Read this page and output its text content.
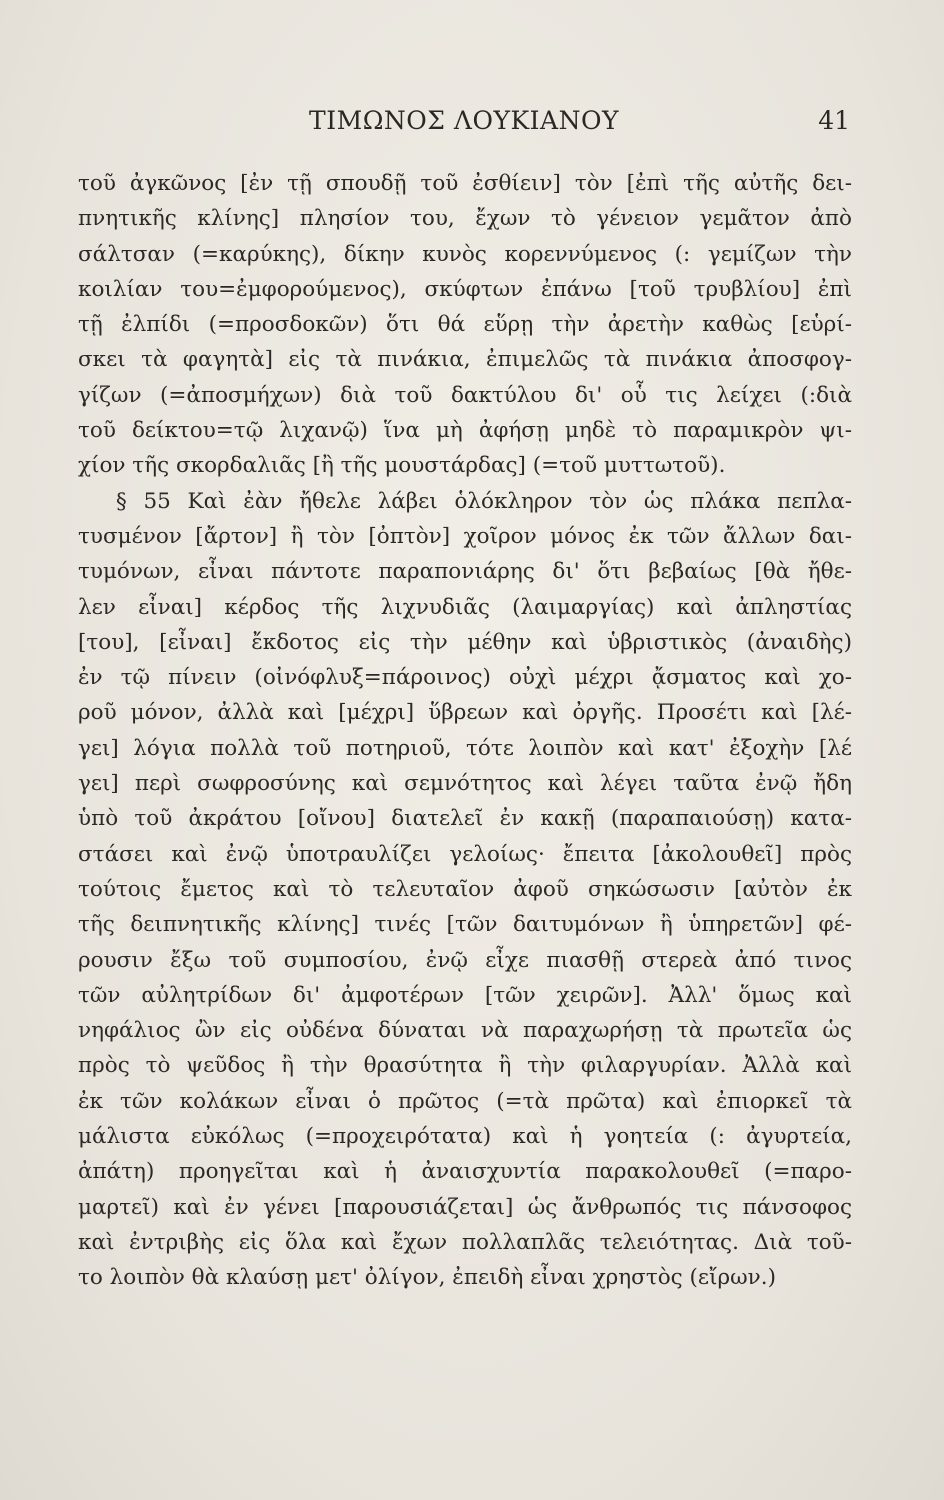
ΤΙΜΩΝΟΣ ΛΟΥΚΙΑΝΟΥ	41
τοῦ ἀγκῶνος [ἐν τῇ σπουδῇ τοῦ ἐσθίειν] τὸν [ἐπὶ τῆς αὐτῆς δει-
πνητικῆς κλίνης] πλησίον του, ἔχων τὸ γένειον γεμᾶτον ἀπὸ
σάλτσαν (=καρύκης), δίκην κυνὸς κορεννύμενος (: γεμίζων τὴν
κοιλίαν του=ἐμφορούμενος), σκύφτων ἐπάνω [τοῦ τρυβλίου] ἐπὶ
τῇ ἐλπίδι (=προσδοκῶν) ὅτι θά εὕρῃ τὴν ἀρετὴν καθὼς [εὑρί-
σκει τὰ φαγητὰ] εἰς τὰ πινάκια, ἐπιμελῶς τὰ πινάκια ἀποσφογ-
γίζων (=ἀποσμήχων) διὰ τοῦ δακτύλου δι' οὗ τις λείχει (:διὰ
τοῦ δείκτου=τῷ λιχανῷ) ἵνα μὴ ἀφήσῃ μηδὲ τὸ παραμικρὸν ψι-
χίον τῆς σκορδαλιᾶς [ἢ τῆς μουστάρδας] (=τοῦ μυττωτοῦ).
§ 55 Καὶ ἐὰν ἤθελε λάβει ὁλόκληρον τὸν ὡς πλάκα πεπλα-
τυσμένον [ἄρτον] ἢ τὸν [ὀπτὸν] χοῖρον μόνος ἐκ τῶν ἄλλων δαι-
τυμόνων, εἶναι πάντοτε παραπονιάρης δι' ὅτι βεβαίως [θὰ ἤθε-
λεν εἶναι] κέρδος τῆς λιχνυδιᾶς (λαιμαργίας) καὶ ἀπληστίας
[του], [εἶναι] ἔκδοτος εἰς τὴν μέθην καὶ ὑβριστικὸς (ἀναιδὴς)
ἐν τῷ πίνειν (οἰνόφλυξ=πάροινος) οὐχὶ μέχρι ᾄσματος καὶ χο-
ροῦ μόνον, ἀλλὰ καὶ [μέχρι] ὕβρεων καὶ ὀργῆς. Προσέτι καὶ [λέ-
γει] λόγια πολλὰ τοῦ ποτηριοῦ, τότε λοιπὸν καὶ κατ' ἐξοχὴν [λέ
γει] περὶ σωφροσύνης καὶ σεμνότητος καὶ λέγει ταῦτα ἐνῷ ἤδη
ὑπὸ τοῦ ἀκράτου [οἴνου] διατελεῖ ἐν κακῇ (παραπαιούσῃ) κατα-
στάσει καὶ ἐνῷ ὑποτραυλίζει γελοίως· ἔπειτα [ἀκολουθεῖ] πρὸς
τούτοις ἔμετος καὶ τὸ τελευταῖον ἀφοῦ σηκώσωσιν [αὐτὸν ἐκ
τῆς δειπνητικῆς κλίνης] τινές [τῶν δαιτυμόνων ἢ ὑπηρετῶν] φέ-
ρουσιν ἔξω τοῦ συμποσίου, ἐνῷ εἶχε πιασθῇ στερεὰ ἀπό τινος
τῶν αὐλητρίδων δι' ἀμφοτέρων [τῶν χειρῶν]. Ἀλλ' ὅμως καὶ
νηφάλιος ὢν εἰς οὐδένα δύναται νὰ παραχωρήσῃ τὰ πρωτεῖα ὡς
πρὸς τὸ ψεῦδος ἢ τὴν θρασύτητα ἢ τὴν φιλαργυρίαν. Ἀλλὰ καὶ
ἐκ τῶν κολάκων εἶναι ὁ πρῶτος (=τὰ πρῶτα) καὶ ἐπιορκεῖ τὰ
μάλιστα εὐκόλως (=προχειρότατα) καὶ ἡ γοητεία (: ἀγυρτεία,
ἀπάτη) προηγεῖται καὶ ἡ ἀναισχυντία παρακολουθεῖ (=παρο-
μαρτεῖ) καὶ ἐν γένει [παρουσιάζεται] ὡς ἄνθρωπός τις πάνσοφος
καὶ ἐντριβὴς εἰς ὅλα καὶ ἔχων πολλαπλᾶς τελειότητας. Διὰ τοῦ-
το λοιπὸν θὰ κλαύσῃ μετ' ὀλίγον, ἐπειδὴ εἶναι χρηστὸς (εἴρων.)
